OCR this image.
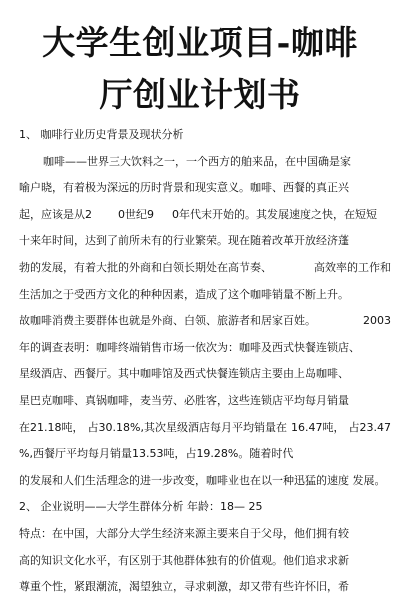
大学生创业项目-咖啡
厅创业计划书
1、 咖啡行业历史背景及现状分析
咖啡——世界三大饮料之一，一个西方的舶来品，在中国确是家
喻户晓，有着极为深远的历时背景和现实意义。咖啡、西餐的真正兴
起，应该是从2 0世纪9 0年代末开始的。其发展速度之快，在短短
十来年时间，达到了前所未有的行业繁荣。现在随着改革开放经济蓬
勃的发展，有着大批的外商和白领长期处在高节奏、	高效率的工作和
生活加之于受西方文化的种种因素，造成了这个咖啡销量不断上升。
故咖啡消费主要群体也就是外商、白领、旅游者和居家百姓。	2003
年的调查表明：咖啡终端销售市场一依次为：咖啡及西式快餐连锁店、
星级酒店、西餐厅。其中咖啡馆及西式快餐连锁店主要由上岛咖啡、
星巴克咖啡、真锅咖啡，麦当劳、必胜客，这些连锁店平均每月销量
在21.18吨， 占30.18%,其次星级酒店每月平均销量在 16.47吨， 占23.47
%,西餐厅平均每月销量13.53吨，占19.28%。随着时代
的发展和人们生活理念的进一步改变，咖啡业也在以一种迅猛的速度 发展。
2、 企业说明——大学生群体分析 年龄：18— 25
特点：在中国，大部分大学生经济来源主要来自于父母，他们拥有较
高的知识文化水平，有区别于其他群体独有的价值观。他们追求求新
尊重个性，紧跟潮流，渴望独立，寻求刺激，却又带有些许怀旧，希
